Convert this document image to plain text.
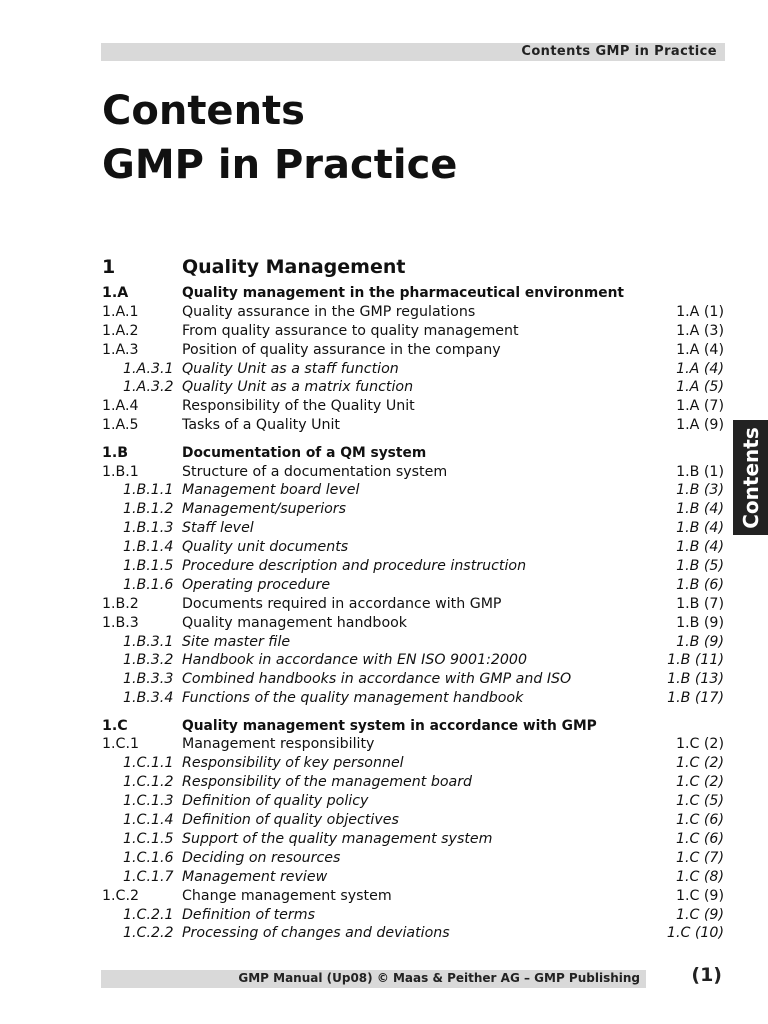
Contents GMP in Practice
Contents
GMP in Practice
1	Quality Management
1.A	Quality management in the pharmaceutical environment
1.A.1	Quality assurance in the GMP regulations	1.A (1)
1.A.2	From quality assurance to quality management	1.A (3)
1.A.3	Position of quality assurance in the company	1.A (4)
1.A.3.1 Quality Unit as a staff function	1.A (4)
1.A.3.2 Quality Unit as a matrix function	1.A (5)
1.A.4	Responsibility of the Quality Unit	1.A (7)
1.A.5	Tasks of a Quality Unit	1.A (9)
1.B	Documentation of a QM system
1.B.1	Structure of a documentation system	1.B (1)
1.B.1.1 Management board level	1.B (3)
1.B.1.2 Management/superiors	1.B (4)
1.B.1.3 Staff level	1.B (4)
1.B.1.4 Quality unit documents	1.B (4)
1.B.1.5 Procedure description and procedure instruction	1.B (5)
1.B.1.6 Operating procedure	1.B (6)
1.B.2	Documents required in accordance with GMP	1.B (7)
1.B.3	Quality management handbook	1.B (9)
1.B.3.1 Site master file	1.B (9)
1.B.3.2 Handbook in accordance with EN ISO 9001:2000	1.B (11)
1.B.3.3 Combined handbooks in accordance with GMP and ISO	1.B (13)
1.B.3.4 Functions of the quality management handbook	1.B (17)
1.C	Quality management system in accordance with GMP
1.C.1	Management responsibility	1.C (2)
1.C.1.1 Responsibility of key personnel	1.C (2)
1.C.1.2 Responsibility of the management board	1.C (2)
1.C.1.3 Definition of quality policy	1.C (5)
1.C.1.4 Definition of quality objectives	1.C (6)
1.C.1.5 Support of the quality management system	1.C (6)
1.C.1.6 Deciding on resources	1.C (7)
1.C.1.7 Management review	1.C (8)
1.C.2	Change management system	1.C (9)
1.C.2.1 Definition of terms	1.C (9)
1.C.2.2 Processing of changes and deviations	1.C (10)
Contents
GMP Manual (Up08) © Maas & Peither AG – GMP Publishing	(1)
